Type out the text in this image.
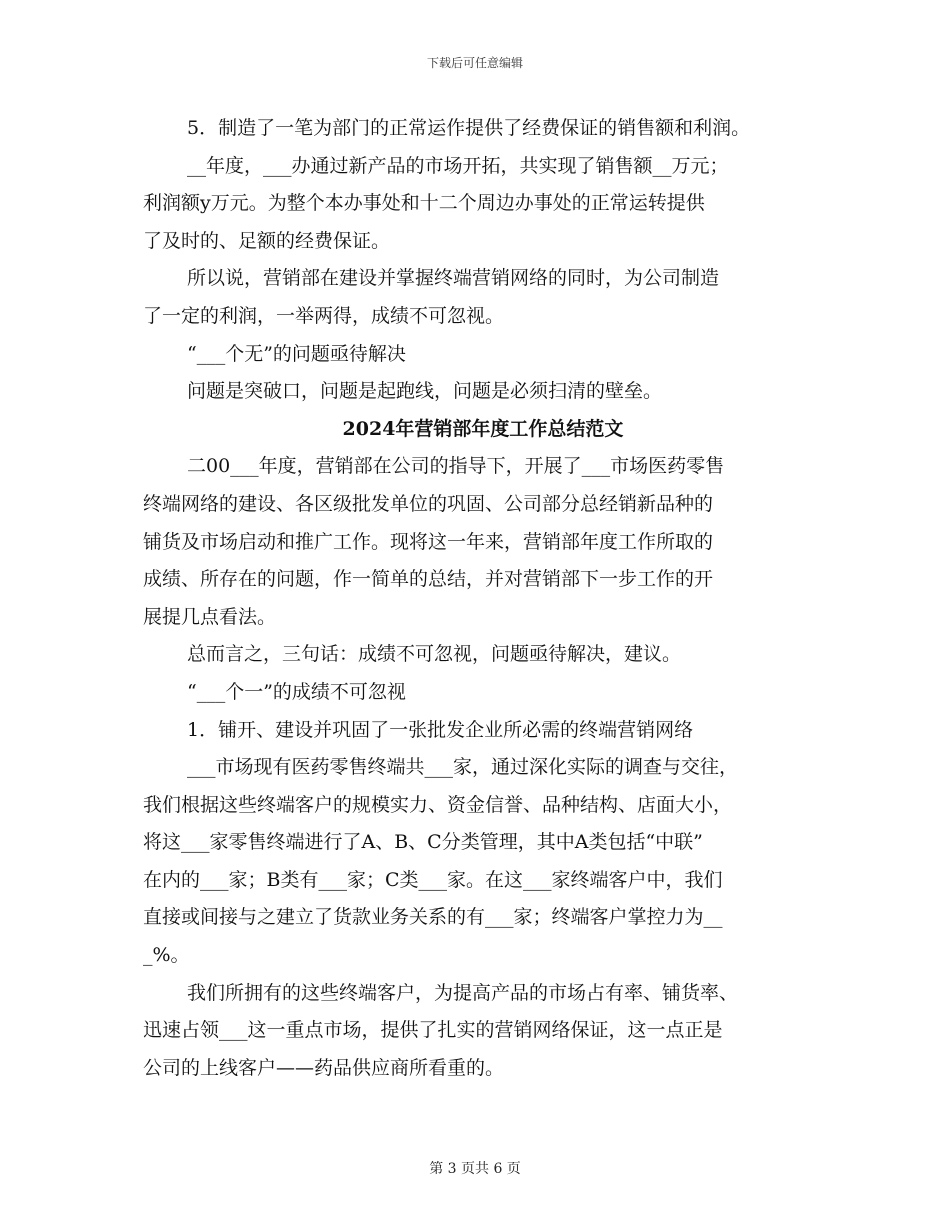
下载后可任意编辑
5．制造了一笔为部门的正常运作提供了经费保证的销售额和利润。
__年度，___办通过新产品的市场开拓，共实现了销售额__万元；
利润额y万元。为整个本办事处和十二个周边办事处的正常运转提供
了及时的、足额的经费保证。
所以说，营销部在建设并掌握终端营销网络的同时，为公司制造
了一定的利润，一举两得，成绩不可忽视。
“___个无”的问题亟待解决
问题是突破口，问题是起跑线，问题是必须扫清的壁垒。
2024年营销部年度工作总结范文
二00___年度，营销部在公司的指导下，开展了___市场医药零售
终端网络的建设、各区级批发单位的巩固、公司部分总经销新品种的
铺货及市场启动和推广工作。现将这一年来，营销部年度工作所取的
成绩、所存在的问题，作一简单的总结，并对营销部下一步工作的开
展提几点看法。
总而言之，三句话：成绩不可忽视，问题亟待解决，建议。
“___个一”的成绩不可忽视
1．铺开、建设并巩固了一张批发企业所必需的终端营销网络
___市场现有医药零售终端共___家，通过深化实际的调查与交往，
我们根据这些终端客户的规模实力、资金信誉、品种结构、店面大小，
将这___家零售终端进行了A、B、C分类管理，其中A类包括“中联”
在内的___家；B类有___家；C类___家。在这___家终端客户中，我们
直接或间接与之建立了货款业务关系的有___家；终端客户掌控力为__
_%。
我们所拥有的这些终端客户，为提高产品的市场占有率、铺货率、
迅速占领___这一重点市场，提供了扎实的营销网络保证，这一点正是
公司的上线客户——药品供应商所看重的。
第 3 页共 6 页
